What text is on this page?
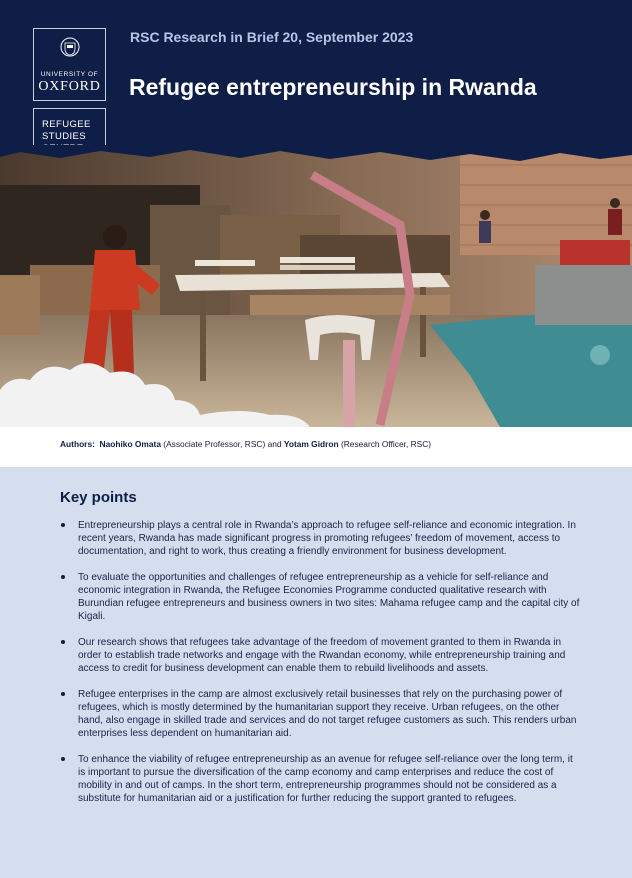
UNIVERSITY OF
OXFORD
REFUGEE
STUDIES
RSC Research in Brief 20, September 2023
Refugee entrepreneurship in Rwanda
Authors: Naohiko Omata (Associate Professor, RSC) and Yotam Gidron (Research Officer, RSC)
Key points
Entrepreneurship plays a central role in Rwanda’s approach to refugee self-reliance and economic integration. In recent years, Rwanda has made significant progress in promoting refugees’ freedom of movement, access to documentation, and right to work, thus creating a friendly environment for business development.
To evaluate the opportunities and challenges of refugee entrepreneurship as a vehicle for self-reliance and economic integration in Rwanda, the Refugee Economies Programme conducted qualitative research with Burundian refugee entrepreneurs and business owners in two sites: Mahama refugee camp and the capital city of Kigali.
Our research shows that refugees take advantage of the freedom of movement granted to them in Rwanda in order to establish trade networks and engage with the Rwandan economy, while entrepreneurship training and access to credit for business development can enable them to rebuild livelihoods and assets.
Refugee enterprises in the camp are almost exclusively retail businesses that rely on the purchasing power of refugees, which is mostly determined by the humanitarian support they receive. Urban refugees, on the other hand, also engage in skilled trade and services and do not target refugee customers as such. This renders urban enterprises less dependent on humanitarian aid.
To enhance the viability of refugee entrepreneurship as an avenue for refugee self-reliance over the long term, it is important to pursue the diversification of the camp economy and camp enterprises and reduce the cost of mobility in and out of camps. In the short term, entrepreneurship programmes should not be considered as a substitute for humanitarian aid or a justification for further reducing the support granted to refugees.
